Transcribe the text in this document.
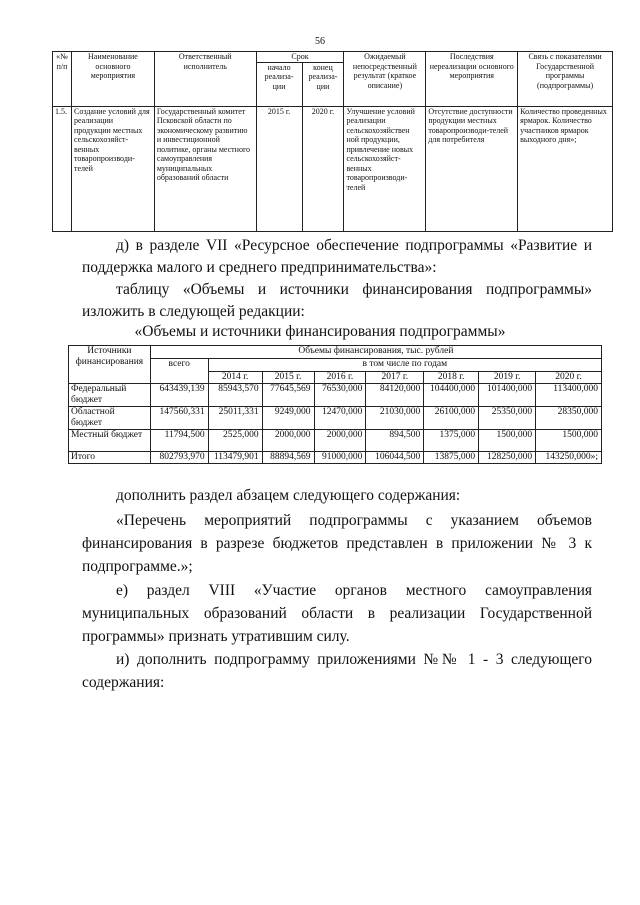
56
«№ п/п	Наименование основного мероприятия	Ответственный исполнитель	Срок		Ожидаемый непосредственный результат (краткое описание)	Последствия нереализации основного мероприятия	Связь с показателями Государственной программы (подпрограммы)
			начало реализа-ции	конец реализа-ции			
1.5.	Создание условий для реализации продукции местных сельскохозяйст-венных товаропроизводи-телей	Государственный комитет Псковской области по экономическому развитию и инвестиционной политике, органы местного самоуправления муниципальных образований области	2015 г.	2020 г.	Улучшение условий реализации сельскохозяйствен ной продукции, привлечение новых сельскохозяйст-венных товаропроизводи-телей	Отсутствие доступности продукции местных товаропроизводи-телей для потребителя	Количество проведенных ярмарок. Количество участников ярмарок выходного дня»;

д) в разделе VII «Ресурсное обеспечение подпрограммы «Развитие и

поддержка малого и среднего предпринимательства»:

таблицу «Объемы и источники финансирования подпрограммы»

изложить в следующей редакции:

«Объемы и источники финансирования подпрограммы»

Источники финансирования	Объемы финансирования, тыс. рублей							
	всего	в том числе по годам						
		2014 г.	2015 г.	2016 г.	2017 г.	2018 г.	2019 г.	2020 г.
Федеральный бюджет	643439,139	85943,570	77645,569	76530,000	84120,000	104400,000	101400,000	113400,000
Областной бюджет	147560,331	25011,331	9249,000	12470,000	21030,000	26100,000	25350,000	28350,000
Местный бюджет	11794,500	2525,000	2000,000	2000,000	894,500	1375,000	1500,000	1500,000
Итого	802793,970	113479,901	88894,569	91000,000	106044,500	13875,000	128250,000	143250,000»;

дополнить раздел абзацем следующего содержания:

«Перечень мероприятий подпрограммы с указанием объемов

финансирования в разрезе бюджетов представлен в приложении № 3 к

подпрограмме.»;

е) раздел VIII «Участие органов местного самоуправления

муниципальных образований области в реализации Государственной

программы» признать утратившим силу.

и) дополнить подпрограмму приложениями №№ 1 - 3 следующего

содержания:
